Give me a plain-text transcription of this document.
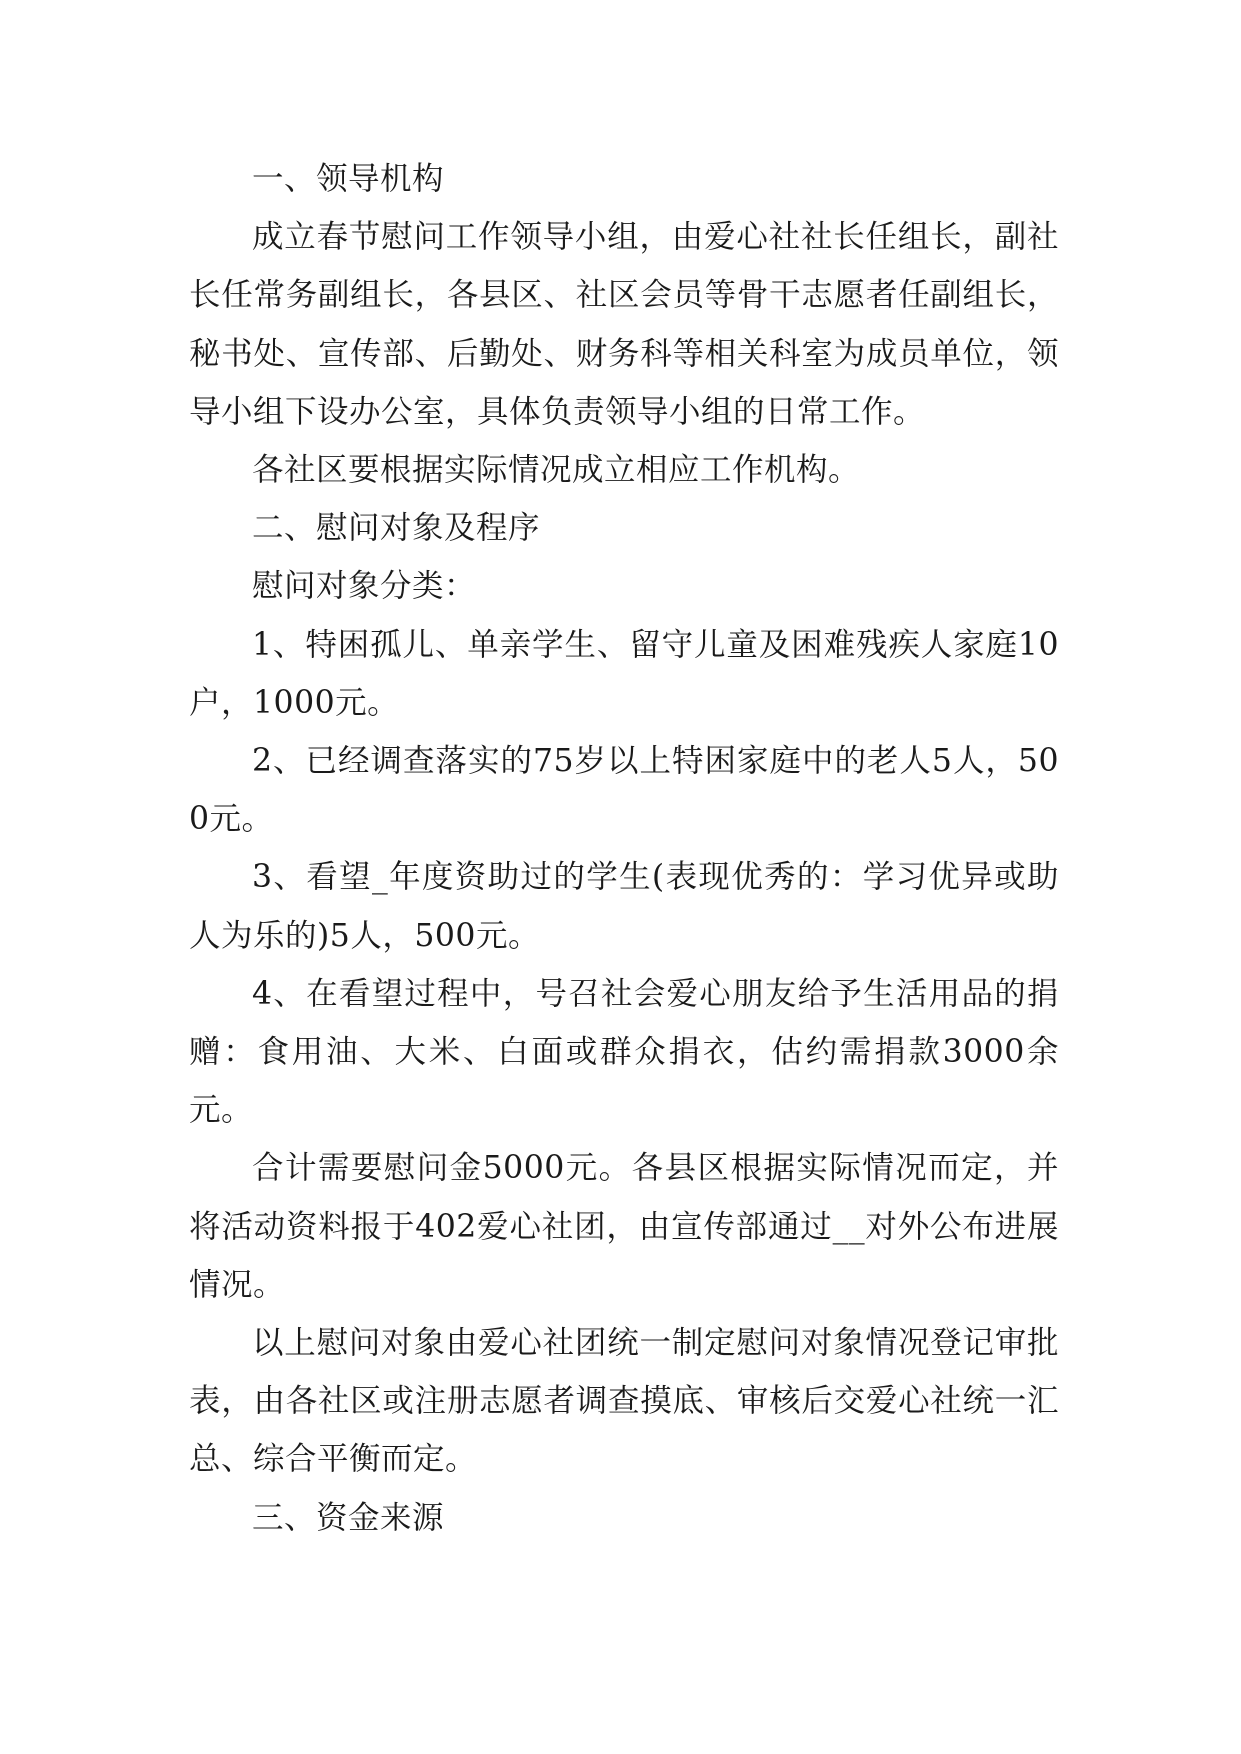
一、领导机构

成立春节慰问工作领导小组，由爱心社社长任组长，副社长任常务副组长，各县区、社区会员等骨干志愿者任副组长，秘书处、宣传部、后勤处、财务科等相关科室为成员单位，领导小组下设办公室，具体负责领导小组的日常工作。

各社区要根据实际情况成立相应工作机构。

二、慰问对象及程序

慰问对象分类：

1、特困孤儿、单亲学生、留守儿童及困难残疾人家庭10户，1000元。

2、已经调查落实的75岁以上特困家庭中的老人5人，500元。

3、看望_年度资助过的学生(表现优秀的：学习优异或助人为乐的)5人，500元。

4、在看望过程中，号召社会爱心朋友给予生活用品的捐赠：食用油、大米、白面或群众捐衣，估约需捐款3000余元。

合计需要慰问金5000元。各县区根据实际情况而定，并将活动资料报于402爱心社团，由宣传部通过__对外公布进展情况。

以上慰问对象由爱心社团统一制定慰问对象情况登记审批表，由各社区或注册志愿者调查摸底、审核后交爱心社统一汇总、综合平衡而定。

三、资金来源
